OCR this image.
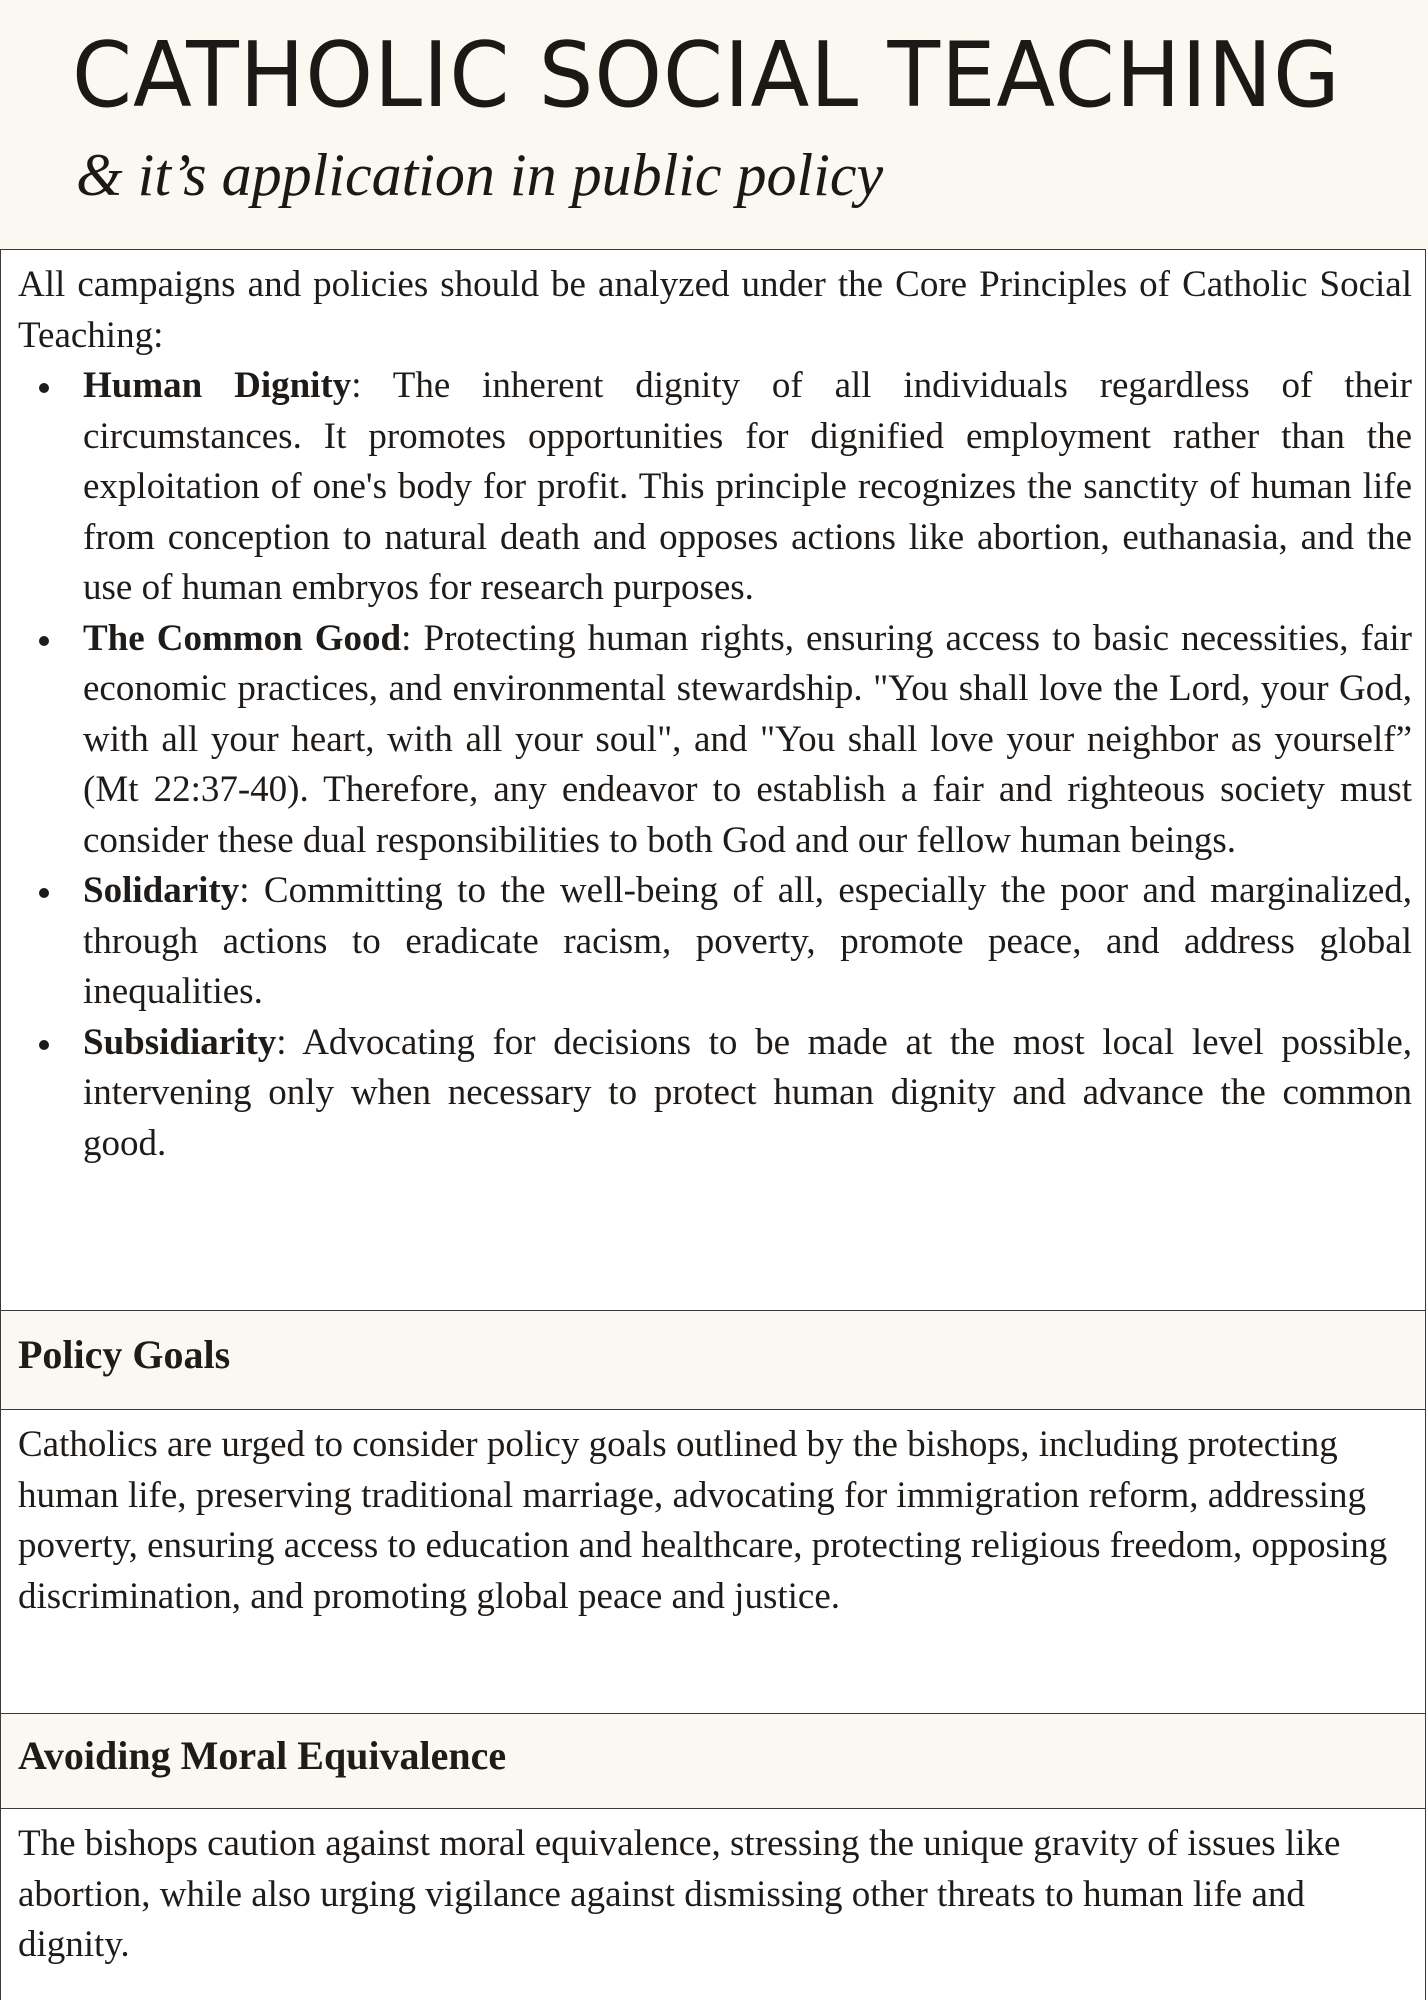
CATHOLIC SOCIAL TEACHING
& it’s application in public policy

All campaigns and policies should be analyzed under the Core Principles of Catholic Social Teaching:

Human Dignity: The inherent dignity of all individuals regardless of their circumstances. It promotes opportunities for dignified employment rather than the exploitation of one's body for profit. This principle recognizes the sanctity of human life from conception to natural death and opposes actions like abortion, euthanasia, and the use of human embryos for research purposes.
The Common Good: Protecting human rights, ensuring access to basic necessities, fair economic practices, and environmental stewardship. "You shall love the Lord, your God, with all your heart, with all your soul", and "You shall love your neighbor as yourself” (Mt 22:37-40). Therefore, any endeavor to establish a fair and righteous society must consider these dual responsibilities to both God and our fellow human beings.
Solidarity: Committing to the well-being of all, especially the poor and marginalized, through actions to eradicate racism, poverty, promote peace, and address global inequalities.
Subsidiarity: Advocating for decisions to be made at the most local level possible, intervening only when necessary to protect human dignity and advance the common good.
Policy Goals

Catholics are urged to consider policy goals outlined by the bishops, including protecting human life, preserving traditional marriage, advocating for immigration reform, addressing poverty, ensuring access to education and healthcare, protecting religious freedom, opposing discrimination, and promoting global peace and justice.

Avoiding Moral Equivalence

The bishops caution against moral equivalence, stressing the unique gravity of issues like abortion, while also urging vigilance against dismissing other threats to human life and dignity.
